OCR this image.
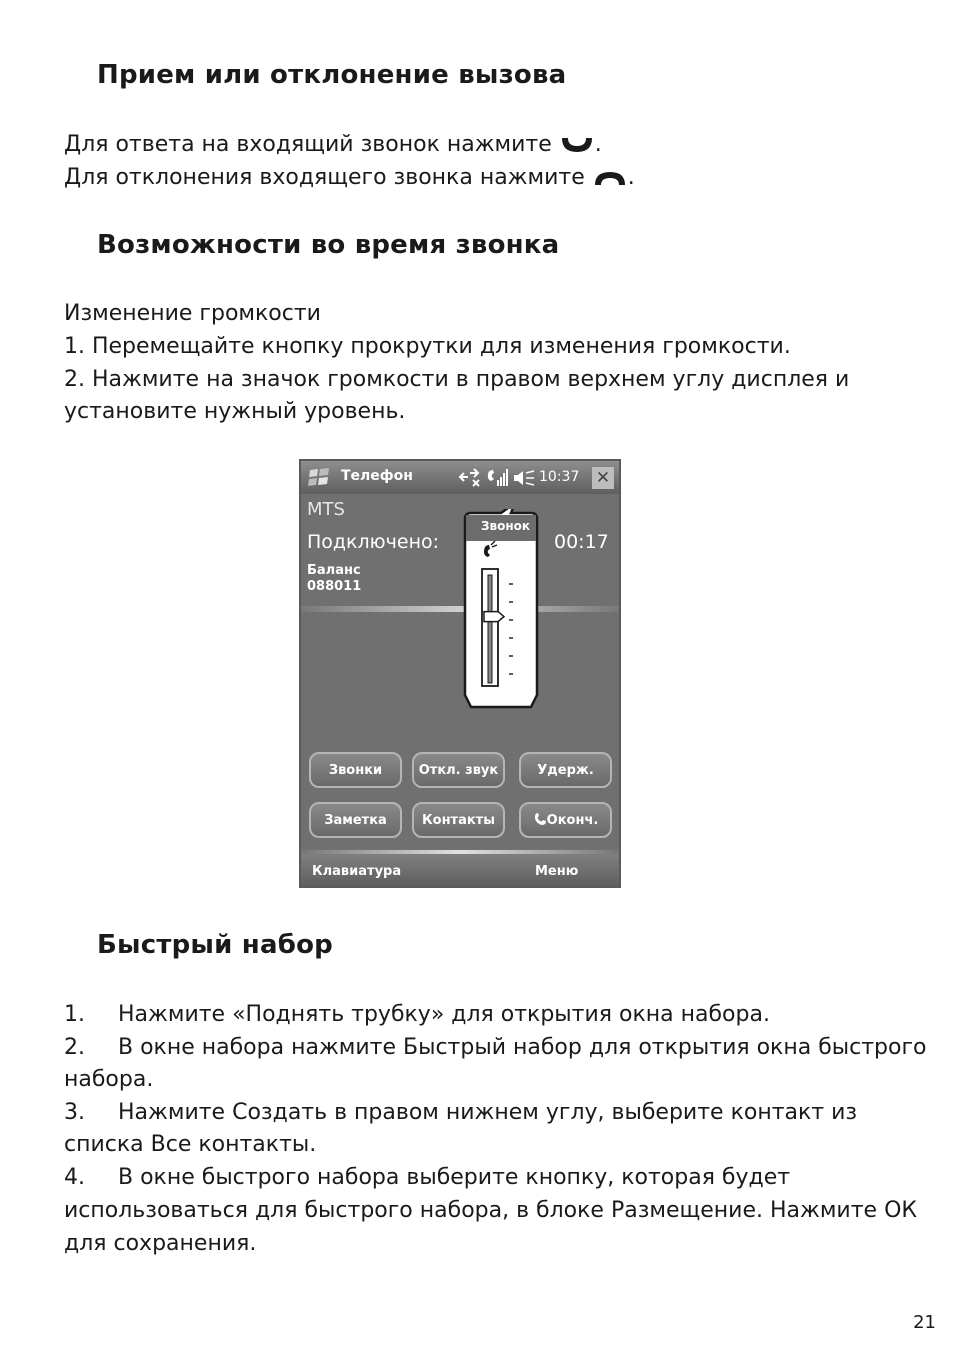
Прием или отклонение вызова

Для ответа на входящий звонок нажмите .

Для отклонения входящего звонка нажмите .

Возможности во время звонка

Изменение громкости

1. Перемещайте кнопку прокрутки для изменения громкости.

2. Нажмите на значок громкости в правом верхнем углу дисплея и

установите нужный уровень.

Телефон	10:37 ✕
MTS
Подключено:	00:17
Баланс
088011
Звонок
Звонки	Откл. звук	Удерж.
Заметка	Контакты	Оконч.
Клавиатура	Меню
Быстрый набор

1. Нажмите «Поднять трубку» для открытия окна набора.

2. В окне набора нажмите Быстрый набор для открытия окна быстрого

набора.

3. Нажмите Создать в правом нижнем углу, выберите контакт из

списка Все контакты.

4. В окне быстрого набора выберите кнопку, которая будет

использоваться для быстрого набора, в блоке Размещение. Нажмите ОК

для сохранения.

21
